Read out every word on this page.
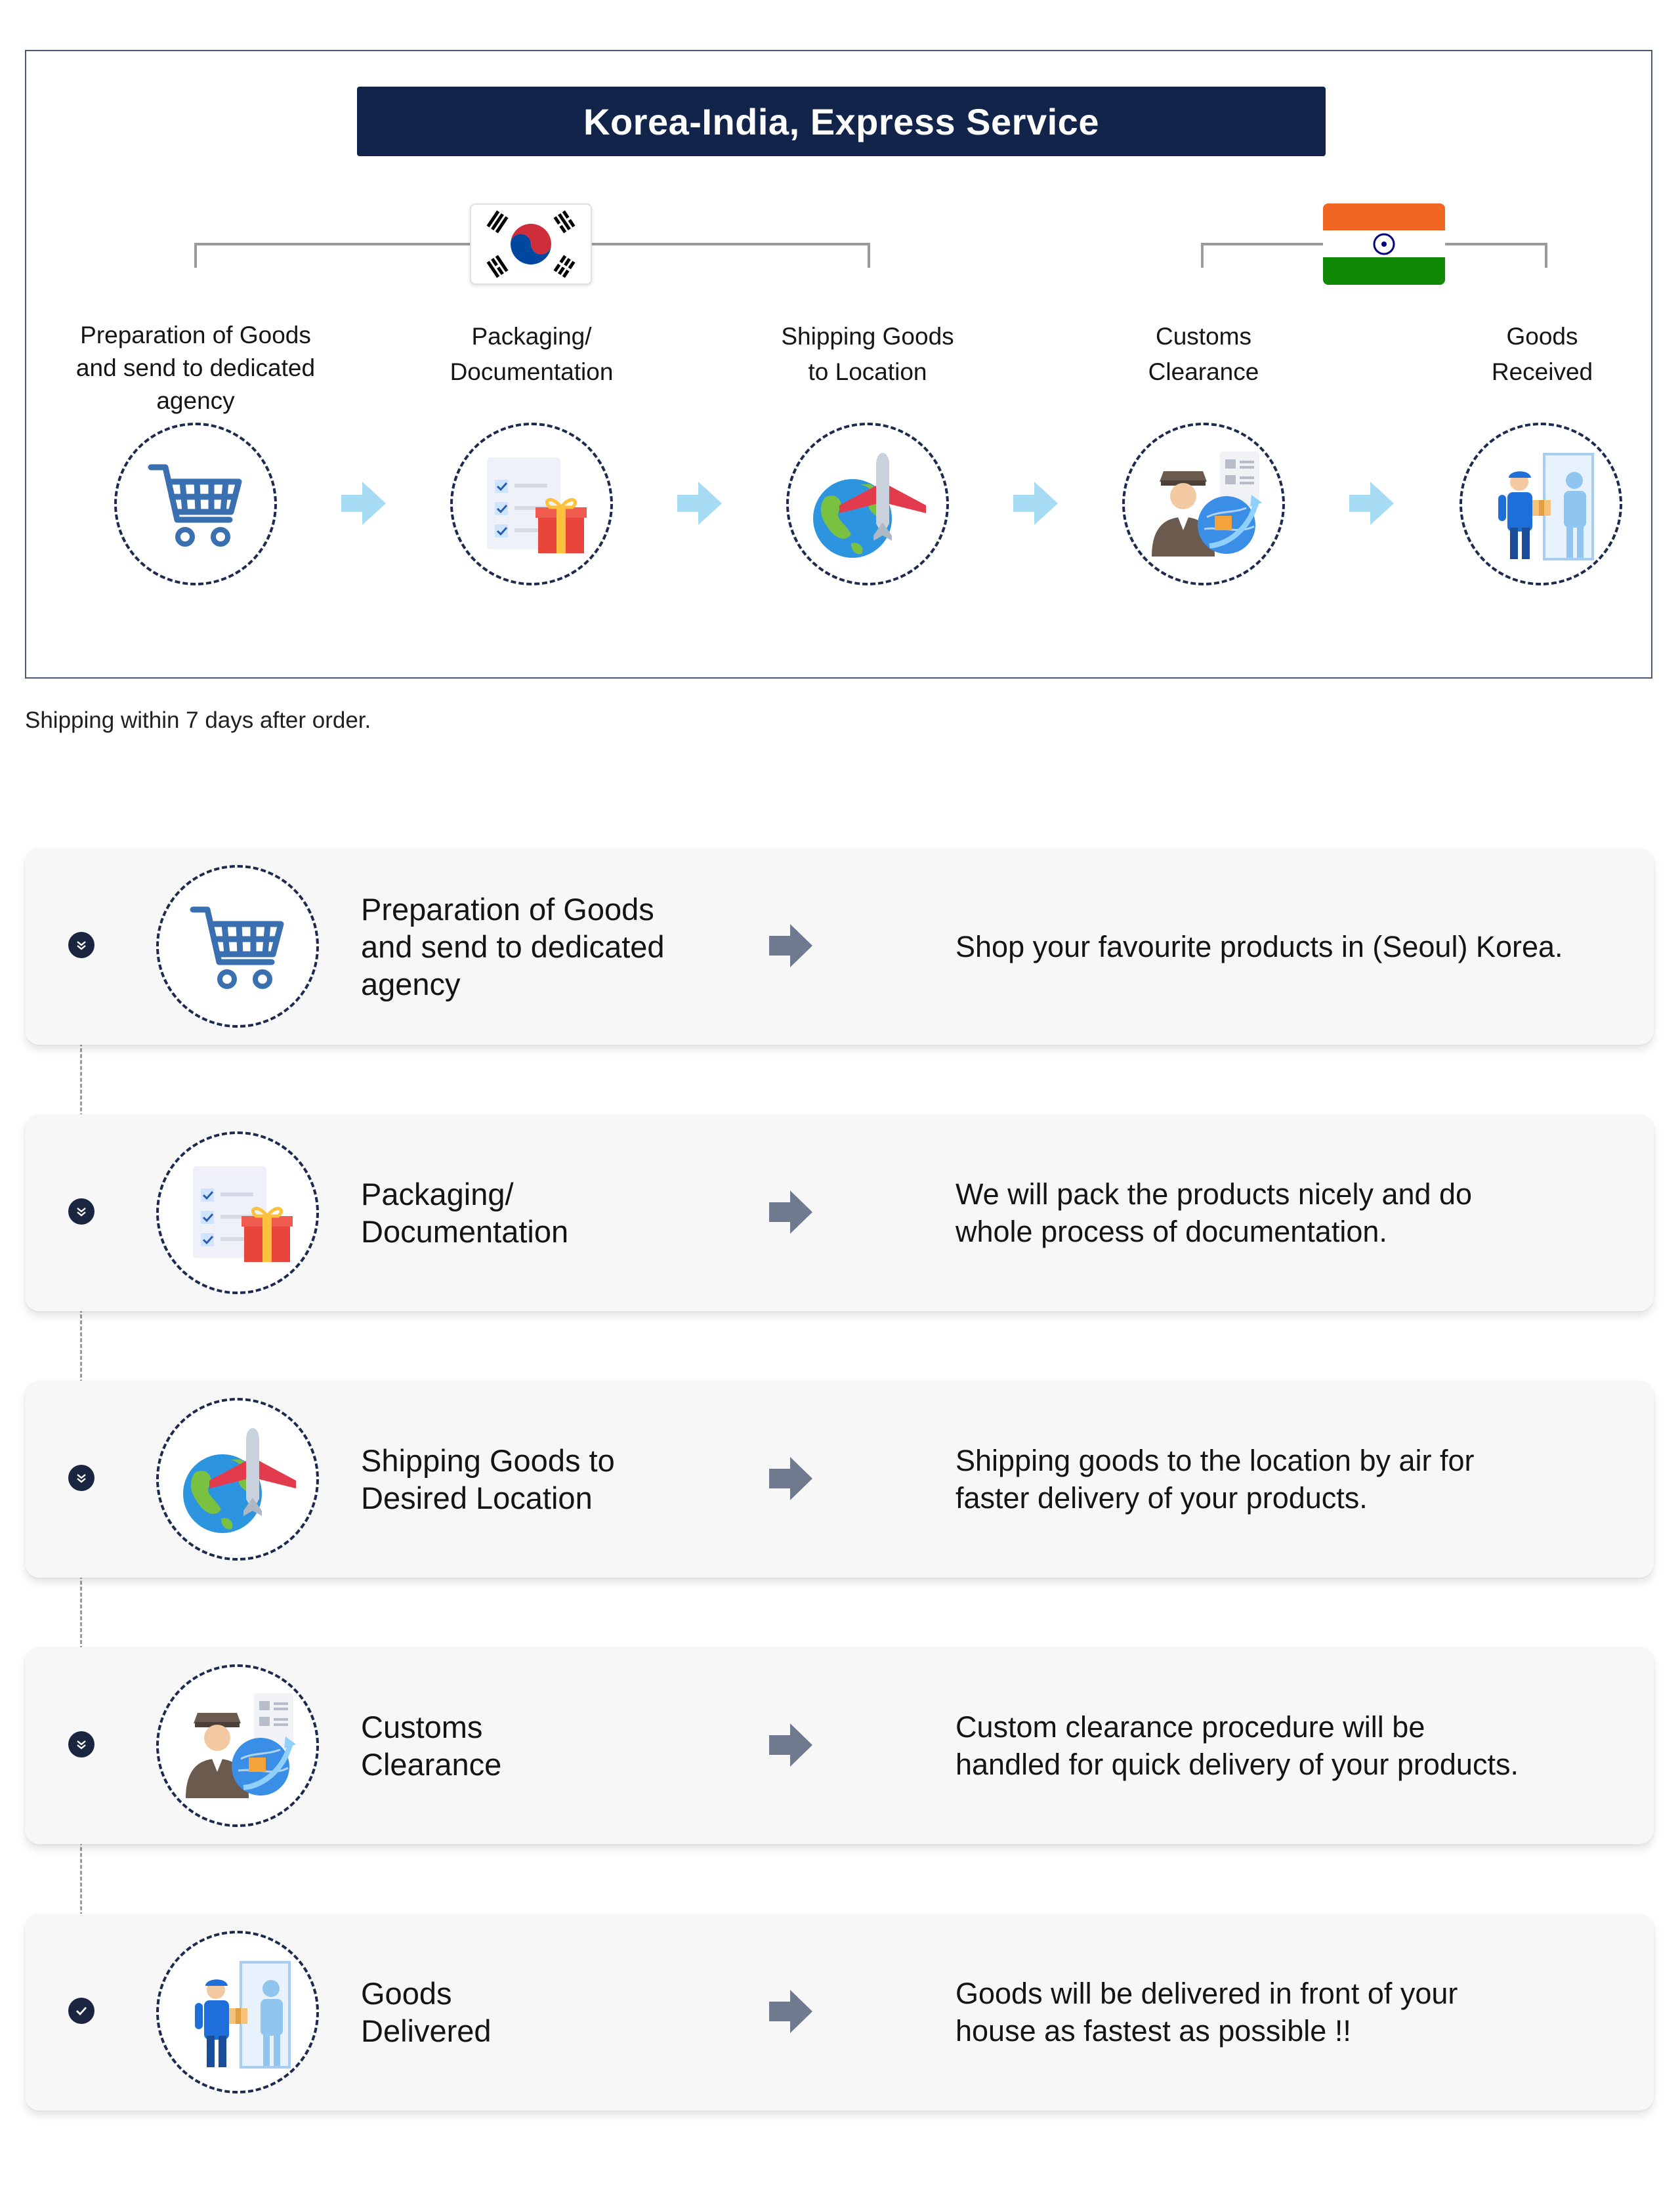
Korea-India, Express Service
Preparation of Goods
and send to dedicated
agency
Packaging/
Documentation
Shipping Goods
to Location
Customs
Clearance
Goods
Received
Shipping within 7 days after order.
Preparation of Goods
and send to dedicated
agency
Shop your favourite products in (Seoul) Korea.
Packaging/
Documentation
We will pack the products nicely and do
whole process of documentation.
Shipping Goods to
Desired Location
Shipping goods to the location by air for
faster delivery of your products.
Customs
Clearance
Custom clearance procedure will be
handled for quick delivery of your products.
Goods
Delivered
Goods will be delivered in front of your
house as fastest as possible !!
